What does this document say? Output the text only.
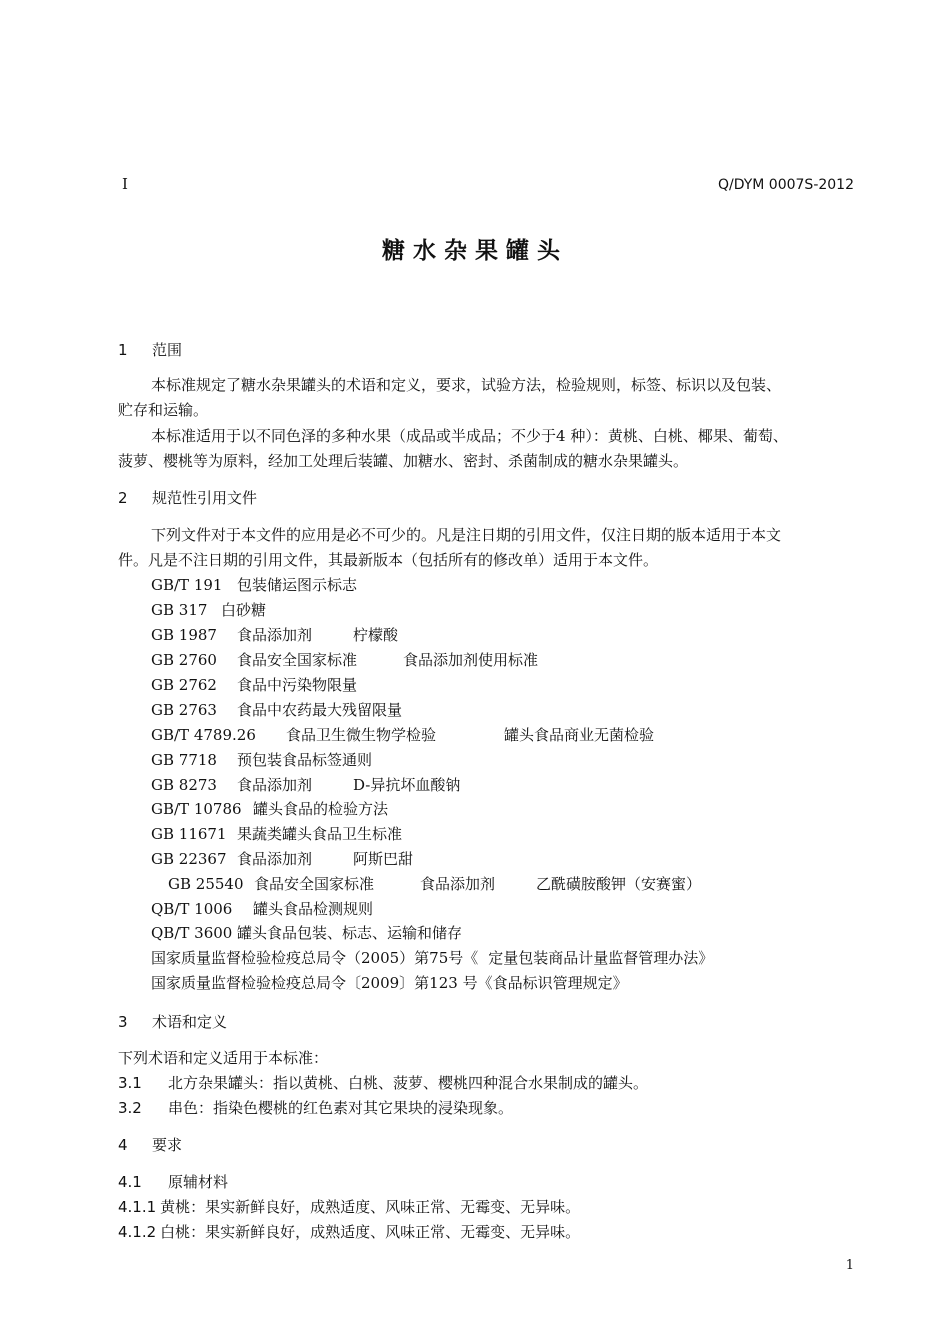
I	Q/DYM 0007S-2012
糖水杂果罐头
1 范围
本标准规定了糖水杂果罐头的术语和定义，要求，试验方法，检验规则，标签、标识以及包装、
贮存和运输。
本标准适用于以不同色泽的多种水果（成品或半成品；不少于4 种）：黄桃、白桃、椰果、葡萄、
菠萝、樱桃等为原料，经加工处理后装罐、加糖水、密封、杀菌制成的糖水杂果罐头。
2 规范性引用文件
下列文件对于本文件的应用是必不可少的。凡是注日期的引用文件，仅注日期的版本适用于本文
件。凡是不注日期的引用文件，其最新版本（包括所有的修改单）适用于本文件。
GB/T 191 包装储运图示标志
GB 317 白砂糖
GB 1987 食品添加剂	柠檬酸
GB 2760 食品安全国家标准	食品添加剂使用标准
GB 2762 食品中污染物限量
GB 2763 食品中农药最大残留限量
GB/T 4789.26 食品卫生微生物学检验	罐头食品商业无菌检验
GB 7718 预包装食品标签通则
GB 8273 食品添加剂	D-异抗坏血酸钠
GB/T 10786 罐头食品的检验方法
GB 11671 果蔬类罐头食品卫生标准
GB 22367 食品添加剂	阿斯巴甜
GB 25540 食品安全国家标准	食品添加剂	乙酰磺胺酸钾（安赛蜜）
QB/T 1006 罐头食品检测规则
QB/T 3600 罐头食品包装、标志、运输和储存
国家质量监督检验检疫总局令（2005）第75号《 定量包装商品计量监督管理办法》
国家质量监督检验检疫总局令〔2009〕第123 号《食品标识管理规定》
3 术语和定义
下列术语和定义适用于本标准：
3.1 北方杂果罐头：指以黄桃、白桃、菠萝、樱桃四种混合水果制成的罐头。
3.2 串色：指染色樱桃的红色素对其它果块的浸染现象。
4 要求
4.1 原辅材料
4.1.1 黄桃：果实新鲜良好，成熟适度、风味正常、无霉变、无异味。
4.1.2 白桃：果实新鲜良好，成熟适度、风味正常、无霉变、无异味。
1
